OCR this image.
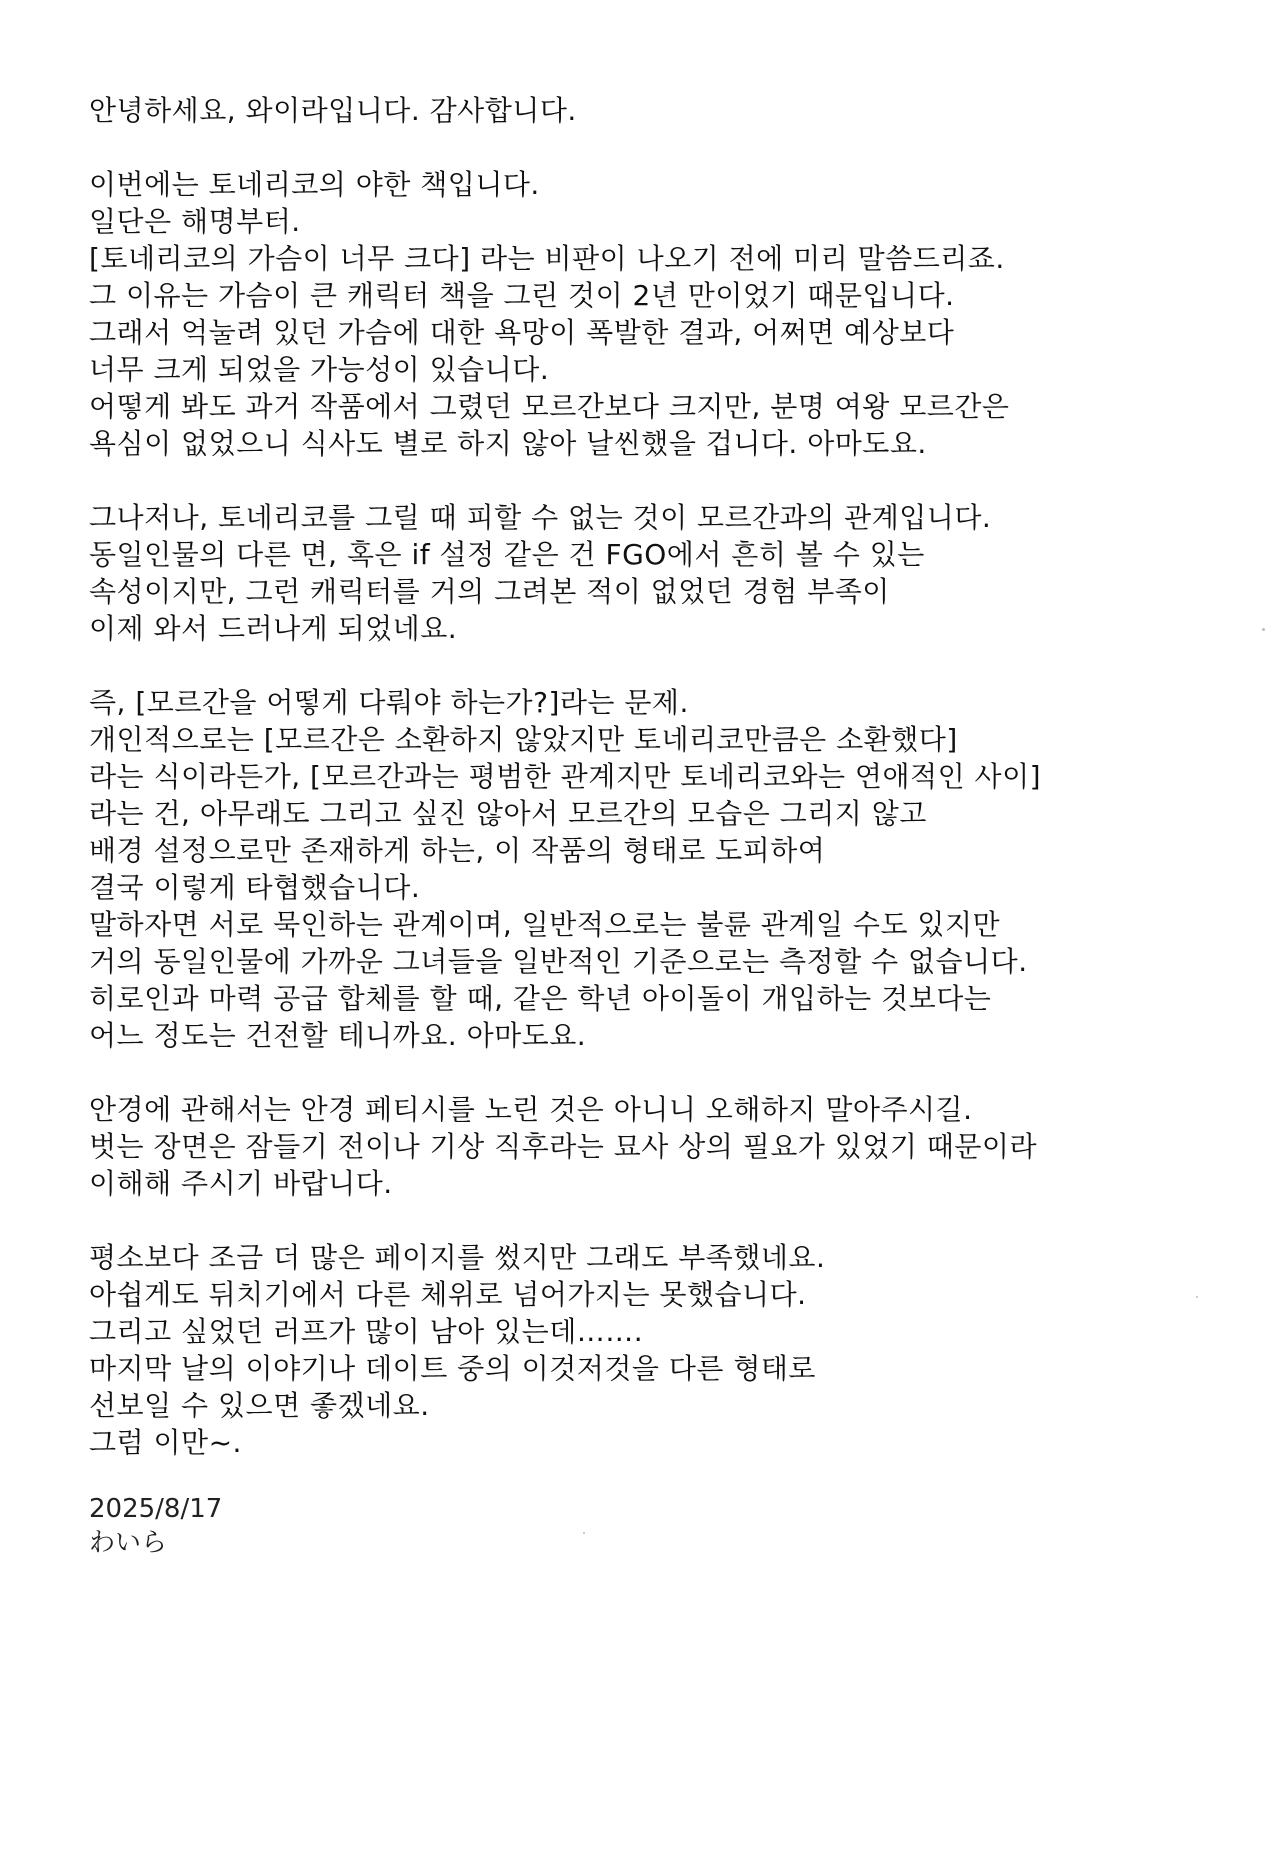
안녕하세요, 와이라입니다. 감사합니다.
이번에는 토네리코의 야한 책입니다.
일단은 해명부터.
[토네리코의 가슴이 너무 크다] 라는 비판이 나오기 전에 미리 말씀드리죠.
그 이유는 가슴이 큰 캐릭터 책을 그린 것이 2년 만이었기 때문입니다.
그래서 억눌려 있던 가슴에 대한 욕망이 폭발한 결과, 어쩌면 예상보다
너무 크게 되었을 가능성이 있습니다.
어떻게 봐도 과거 작품에서 그렸던 모르간보다 크지만, 분명 여왕 모르간은
욕심이 없었으니 식사도 별로 하지 않아 날씬했을 겁니다. 아마도요.
그나저나, 토네리코를 그릴 때 피할 수 없는 것이 모르간과의 관계입니다.
동일인물의 다른 면, 혹은 if 설정 같은 건 FGO에서 흔히 볼 수 있는
속성이지만, 그런 캐릭터를 거의 그려본 적이 없었던 경험 부족이
이제 와서 드러나게 되었네요.
즉, [모르간을 어떻게 다뤄야 하는가?]라는 문제.
개인적으로는 [모르간은 소환하지 않았지만 토네리코만큼은 소환했다]
라는 식이라든가, [모르간과는 평범한 관계지만 토네리코와는 연애적인 사이]
라는 건, 아무래도 그리고 싶진 않아서 모르간의 모습은 그리지 않고
배경 설정으로만 존재하게 하는, 이 작품의 형태로 도피하여
결국 이렇게 타협했습니다.
말하자면 서로 묵인하는 관계이며, 일반적으로는 불륜 관계일 수도 있지만
거의 동일인물에 가까운 그녀들을 일반적인 기준으로는 측정할 수 없습니다.
히로인과 마력 공급 합체를 할 때, 같은 학년 아이돌이 개입하는 것보다는
어느 정도는 건전할 테니까요. 아마도요.
안경에 관해서는 안경 페티시를 노린 것은 아니니 오해하지 말아주시길.
벗는 장면은 잠들기 전이나 기상 직후라는 묘사 상의 필요가 있었기 때문이라
이해해 주시기 바랍니다.
평소보다 조금 더 많은 페이지를 썼지만 그래도 부족했네요.
아쉽게도 뒤치기에서 다른 체위로 넘어가지는 못했습니다.
그리고 싶었던 러프가 많이 남아 있는데…….
마지막 날의 이야기나 데이트 중의 이것저것을 다른 형태로
선보일 수 있으면 좋겠네요.
그럼 이만~.
2025/8/17
わいら
